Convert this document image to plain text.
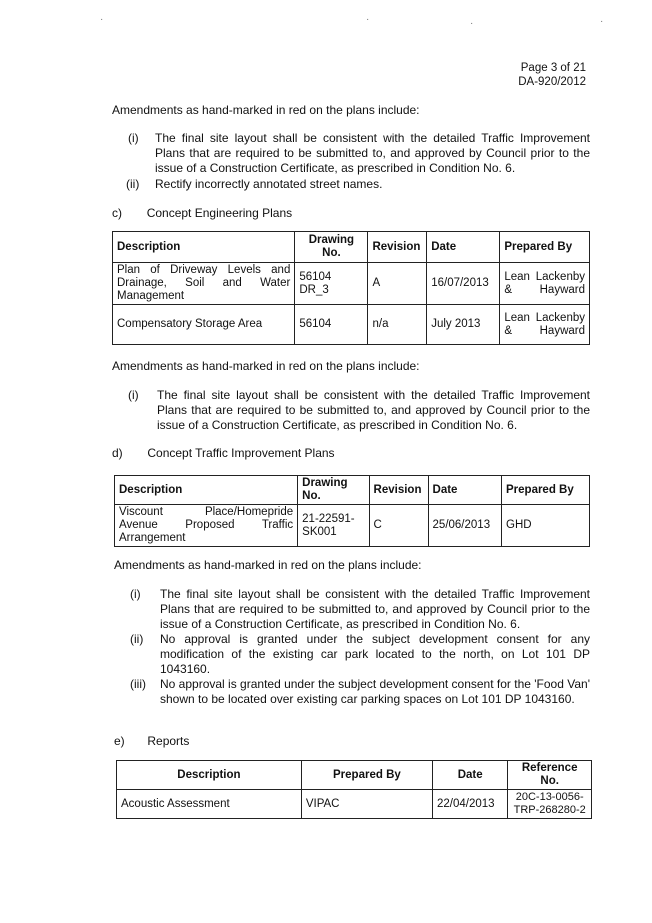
·	·	·	·
Page 3 of 21
DA-920/2012
Amendments as hand-marked in red on the plans include:
(i) The final site layout shall be consistent with the detailed Traffic Improvement Plans that are required to be submitted to, and approved by Council prior to the issue of a Construction Certificate, as prescribed in Condition No. 6.
(ii) Rectify incorrectly annotated street names.
c) Concept Engineering Plans
Description	Drawing No.	Revision	Date	Prepared By
Plan of Driveway Levels and Drainage, Soil and Water Management	56104 DR_3	A	16/07/2013	Lean Lackenby & Hayward
Compensatory Storage Area	56104	n/a	July 2013	Lean Lackenby & Hayward
Amendments as hand-marked in red on the plans include:
(i) The final site layout shall be consistent with the detailed Traffic Improvement Plans that are required to be submitted to, and approved by Council prior to the issue of a Construction Certificate, as prescribed in Condition No. 6.
d) Concept Traffic Improvement Plans
Description	Drawing No.	Revision	Date	Prepared By
Viscount Place/Homepride Avenue Proposed Traffic Arrangement	21-22591-SK001	C	25/06/2013	GHD
Amendments as hand-marked in red on the plans include:
(i) The final site layout shall be consistent with the detailed Traffic Improvement Plans that are required to be submitted to, and approved by Council prior to the issue of a Construction Certificate, as prescribed in Condition No. 6.
(ii) No approval is granted under the subject development consent for any modification of the existing car park located to the north, on Lot 101 DP 1043160.
(iii) No approval is granted under the subject development consent for the 'Food Van' shown to be located over existing car parking spaces on Lot 101 DP 1043160.
e) Reports
Description	Prepared By	Date	Reference No.
Acoustic Assessment	VIPAC	22/04/2013	20C-13-0056-TRP-268280-2
